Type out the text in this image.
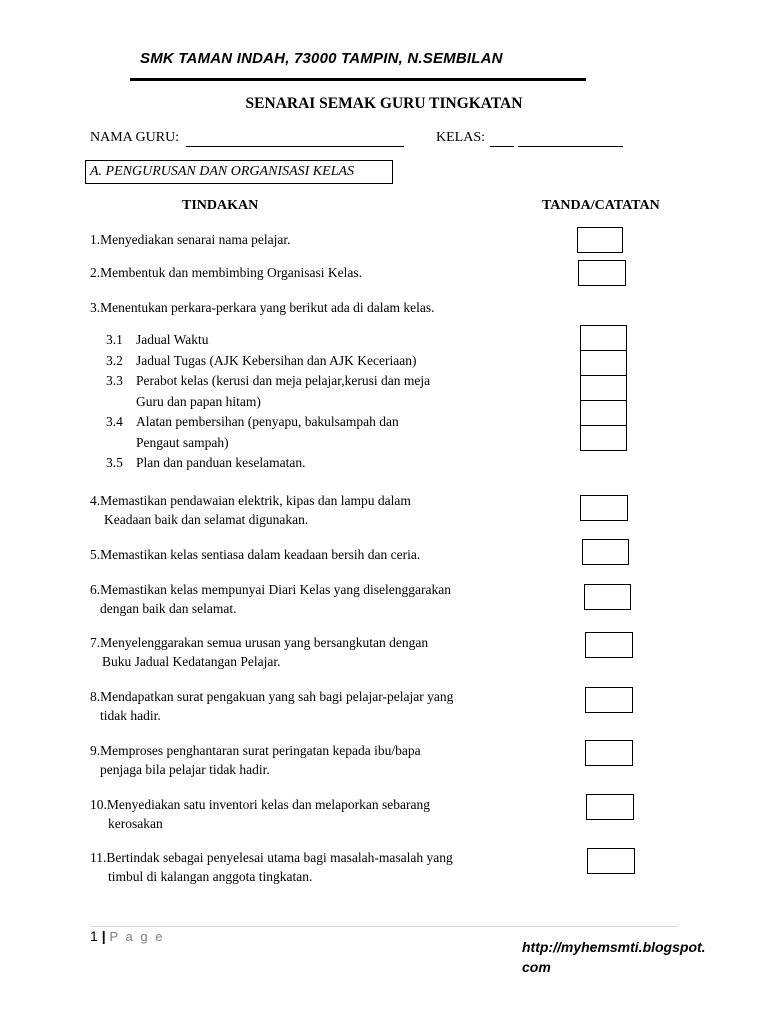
SMK TAMAN INDAH, 73000 TAMPIN, N.SEMBILAN
SENARAI SEMAK GURU TINGKATAN
NAMA GURU:	KELAS:
A. PENGURUSAN DAN ORGANISASI KELAS
TINDAKAN	TANDA/CATATAN
1.Menyediakan senarai nama pelajar.
2.Membentuk dan membimbing Organisasi Kelas.
3.Menentukan perkara-perkara yang berikut ada di dalam kelas.
3.1 Jadual Waktu
3.2 Jadual Tugas (AJK Kebersihan dan AJK Keceriaan)
3.3 Perabot kelas (kerusi dan meja pelajar,kerusi dan meja
Guru dan papan hitam)
3.4 Alatan pembersihan (penyapu, bakulsampah dan
Pengaut sampah)
3.5 Plan dan panduan keselamatan.
4.Memastikan pendawaian elektrik, kipas dan lampu dalam
Keadaan baik dan selamat digunakan.
5.Memastikan kelas sentiasa dalam keadaan bersih dan ceria.
6.Memastikan kelas mempunyai Diari Kelas yang diselenggarakan
dengan baik dan selamat.
7.Menyelenggarakan semua urusan yang bersangkutan dengan
Buku Jadual Kedatangan Pelajar.
8.Mendapatkan surat pengakuan yang sah bagi pelajar-pelajar yang
tidak hadir.
9.Memproses penghantaran surat peringatan kepada ibu/bapa
penjaga bila pelajar tidak hadir.
10.Menyediakan satu inventori kelas dan melaporkan sebarang
kerosakan
11.Bertindak sebagai penyelesai utama bagi masalah-masalah yang
timbul di kalangan anggota tingkatan.
1 | P a g e
http://myhemsmti.blogspot.
com
